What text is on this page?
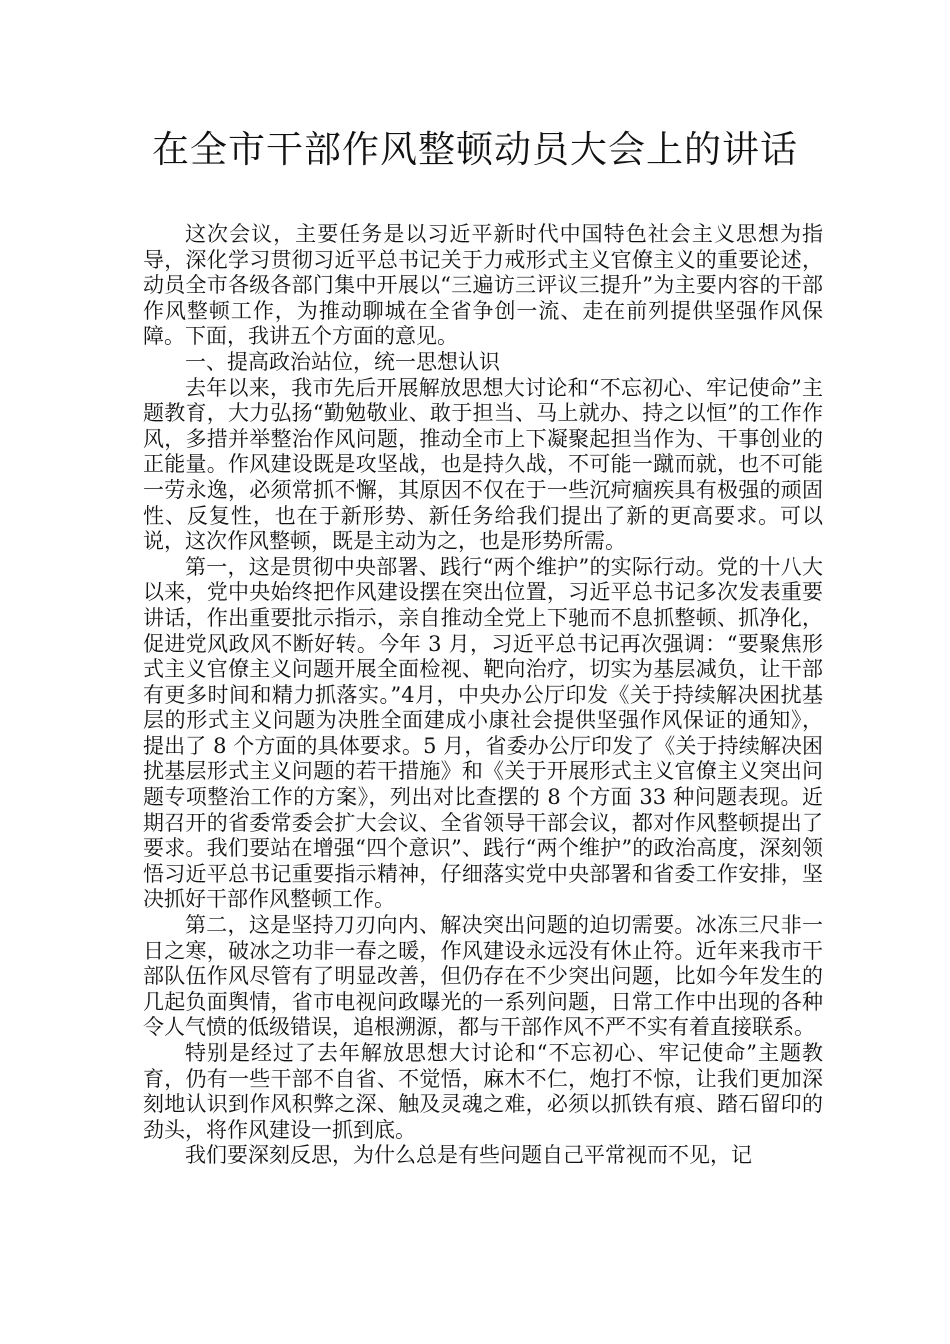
在全市干部作风整顿动员大会上的讲话

这次会议，主要任务是以习近平新时代中国特色社会主义思想为指导，深化学习贯彻习近平总书记关于力戒形式主义官僚主义的重要论述，动员全市各级各部门集中开展以“三遍访三评议三提升”为主要内容的干部作风整顿工作，为推动聊城在全省争创一流、走在前列提供坚强作风保障。下面，我讲五个方面的意见。

一、提高政治站位，统一思想认识

去年以来，我市先后开展解放思想大讨论和“不忘初心、牢记使命”主题教育，大力弘扬“勤勉敬业、敢于担当、马上就办、持之以恒”的工作作风，多措并举整治作风问题，推动全市上下凝聚起担当作为、干事创业的正能量。作风建设既是攻坚战，也是持久战，不可能一蹴而就，也不可能一劳永逸，必须常抓不懈，其原因不仅在于一些沉疴痼疾具有极强的顽固性、反复性，也在于新形势、新任务给我们提出了新的更高要求。可以说，这次作风整顿，既是主动为之，也是形势所需。

第一，这是贯彻中央部署、践行“两个维护”的实际行动。党的十八大以来，党中央始终把作风建设摆在突出位置，习近平总书记多次发表重要讲话，作出重要批示指示，亲自推动全党上下驰而不息抓整顿、抓净化，促进党风政风不断好转。今年 3 月，习近平总书记再次强调：“要聚焦形式主义官僚主义问题开展全面检视、靶向治疗，切实为基层减负，让干部有更多时间和精力抓落实。”4月，中央办公厅印发《关于持续解决困扰基层的形式主义问题为决胜全面建成小康社会提供坚强作风保证的通知》，提出了 8 个方面的具体要求。5 月，省委办公厅印发了《关于持续解决困扰基层形式主义问题的若干措施》和《关于开展形式主义官僚主义突出问题专项整治工作的方案》，列出对比查摆的 8 个方面 33 种问题表现。近期召开的省委常委会扩大会议、全省领导干部会议，都对作风整顿提出了要求。我们要站在增强“四个意识”、践行“两个维护”的政治高度，深刻领悟习近平总书记重要指示精神，仔细落实党中央部署和省委工作安排，坚决抓好干部作风整顿工作。

第二，这是坚持刀刃向内、解决突出问题的迫切需要。冰冻三尺非一日之寒，破冰之功非一春之暖，作风建设永远没有休止符。近年来我市干部队伍作风尽管有了明显改善，但仍存在不少突出问题，比如今年发生的几起负面舆情，省市电视问政曝光的一系列问题，日常工作中出现的各种令人气愤的低级错误，追根溯源，都与干部作风不严不实有着直接联系。

特别是经过了去年解放思想大讨论和“不忘初心、牢记使命”主题教育，仍有一些干部不自省、不觉悟，麻木不仁，炮打不惊，让我们更加深刻地认识到作风积弊之深、触及灵魂之难，必须以抓铁有痕、踏石留印的劲头，将作风建设一抓到底。

我们要深刻反思，为什么总是有些问题自己平常视而不见，记
